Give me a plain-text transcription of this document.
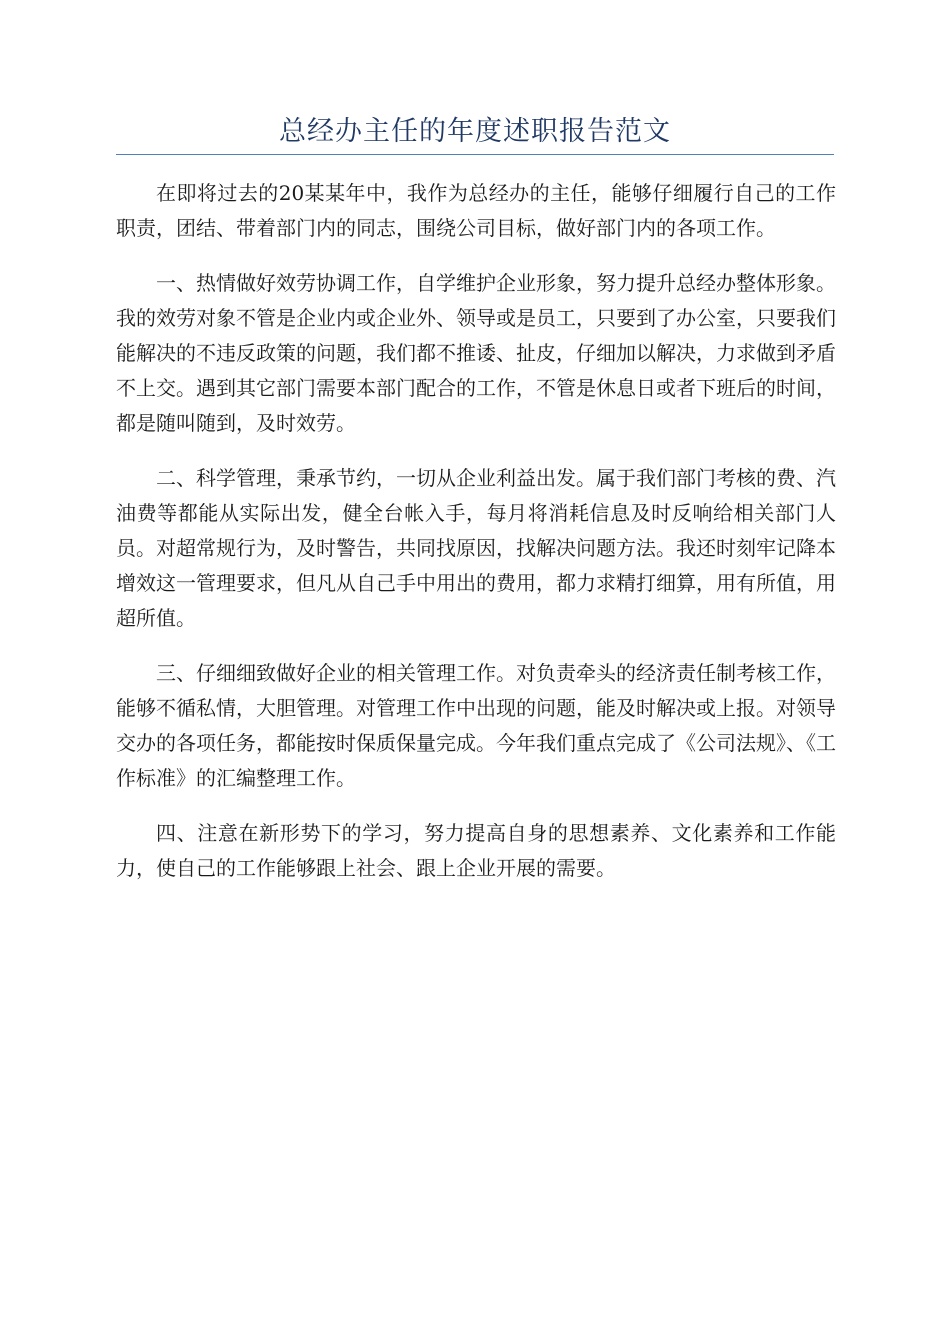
总经办主任的年度述职报告范文

在即将过去的20某某年中，我作为总经办的主任，能够仔细履行自己的工作职责，团结、带着部门内的同志，围绕公司目标，做好部门内的各项工作。

一、热情做好效劳协调工作，自学维护企业形象，努力提升总经办整体形象。我的效劳对象不管是企业内或企业外、领导或是员工，只要到了办公室，只要我们能解决的不违反政策的问题，我们都不推诿、扯皮，仔细加以解决，力求做到矛盾不上交。遇到其它部门需要本部门配合的工作，不管是休息日或者下班后的时间，都是随叫随到，及时效劳。

二、科学管理，秉承节约，一切从企业利益出发。属于我们部门考核的费、汽油费等都能从实际出发，健全台帐入手，每月将消耗信息及时反响给相关部门人员。对超常规行为，及时警告，共同找原因，找解决问题方法。我还时刻牢记降本增效这一管理要求，但凡从自己手中用出的费用，都力求精打细算，用有所值，用超所值。

三、仔细细致做好企业的相关管理工作。对负责牵头的经济责任制考核工作，能够不循私情，大胆管理。对管理工作中出现的问题，能及时解决或上报。对领导交办的各项任务，都能按时保质保量完成。今年我们重点完成了《公司法规》、《工作标准》的汇编整理工作。

四、注意在新形势下的学习，努力提高自身的思想素养、文化素养和工作能力，使自己的工作能够跟上社会、跟上企业开展的需要。
